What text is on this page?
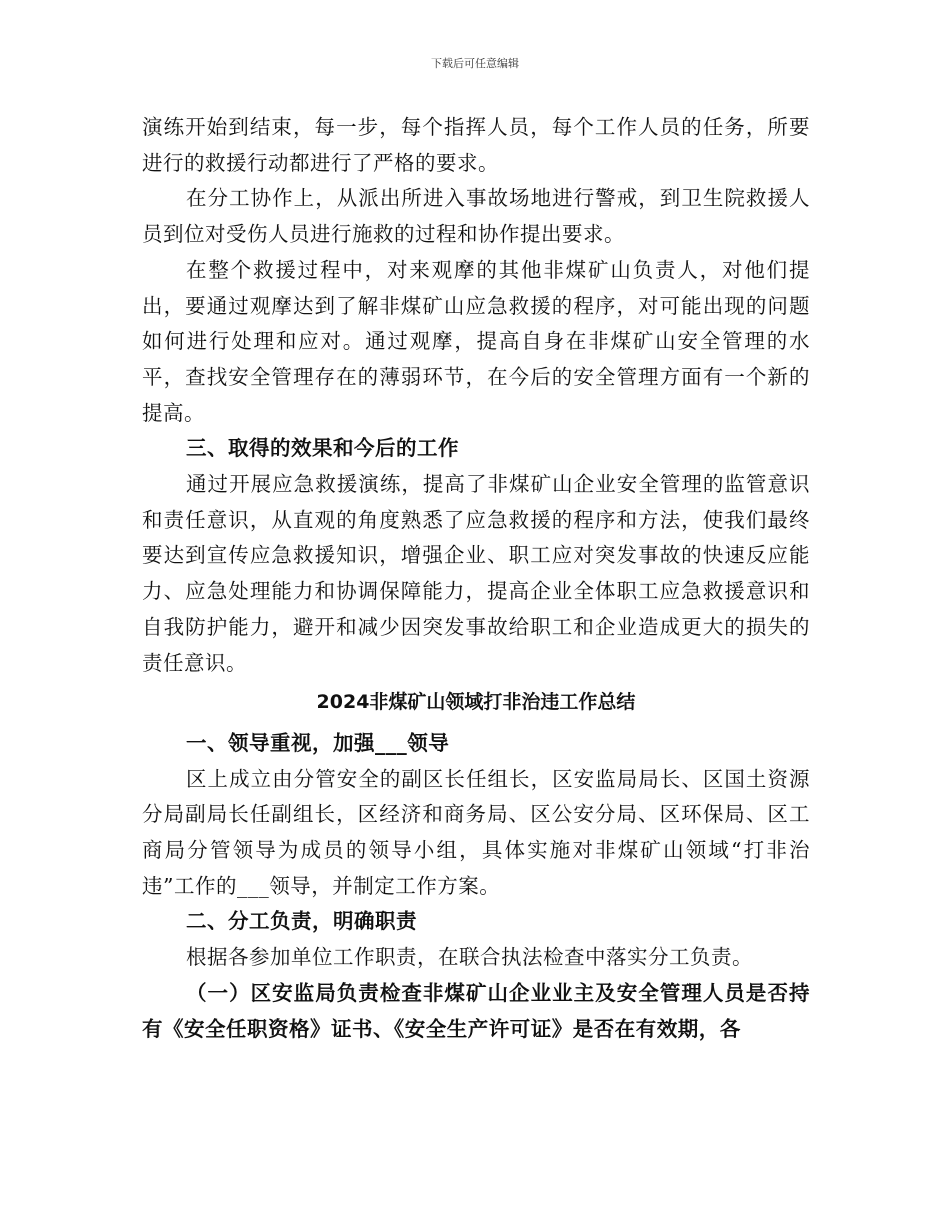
下载后可任意编辑

演练开始到结束，每一步，每个指挥人员，每个工作人员的任务，所要进行的救援行动都进行了严格的要求。

在分工协作上，从派出所进入事故场地进行警戒，到卫生院救援人员到位对受伤人员进行施救的过程和协作提出要求。

在整个救援过程中，对来观摩的其他非煤矿山负责人，对他们提出，要通过观摩达到了解非煤矿山应急救援的程序，对可能出现的问题如何进行处理和应对。通过观摩，提高自身在非煤矿山安全管理的水平，查找安全管理存在的薄弱环节，在今后的安全管理方面有一个新的提高。

三、取得的效果和今后的工作

通过开展应急救援演练，提高了非煤矿山企业安全管理的监管意识和责任意识，从直观的角度熟悉了应急救援的程序和方法，使我们最终要达到宣传应急救援知识，增强企业、职工应对突发事故的快速反应能力、应急处理能力和协调保障能力，提高企业全体职工应急救援意识和自我防护能力，避开和减少因突发事故给职工和企业造成更大的损失的责任意识。

2024非煤矿山领域打非治违工作总结

一、领导重视，加强___领导

区上成立由分管安全的副区长任组长，区安监局局长、区国土资源分局副局长任副组长，区经济和商务局、区公安分局、区环保局、区工商局分管领导为成员的领导小组，具体实施对非煤矿山领域“打非治违”工作的___领导，并制定工作方案。

二、分工负责，明确职责

根据各参加单位工作职责，在联合执法检查中落实分工负责。

（一）区安监局负责检查非煤矿山企业业主及安全管理人员是否持有《安全任职资格》证书、《安全生产许可证》是否在有效期，各
